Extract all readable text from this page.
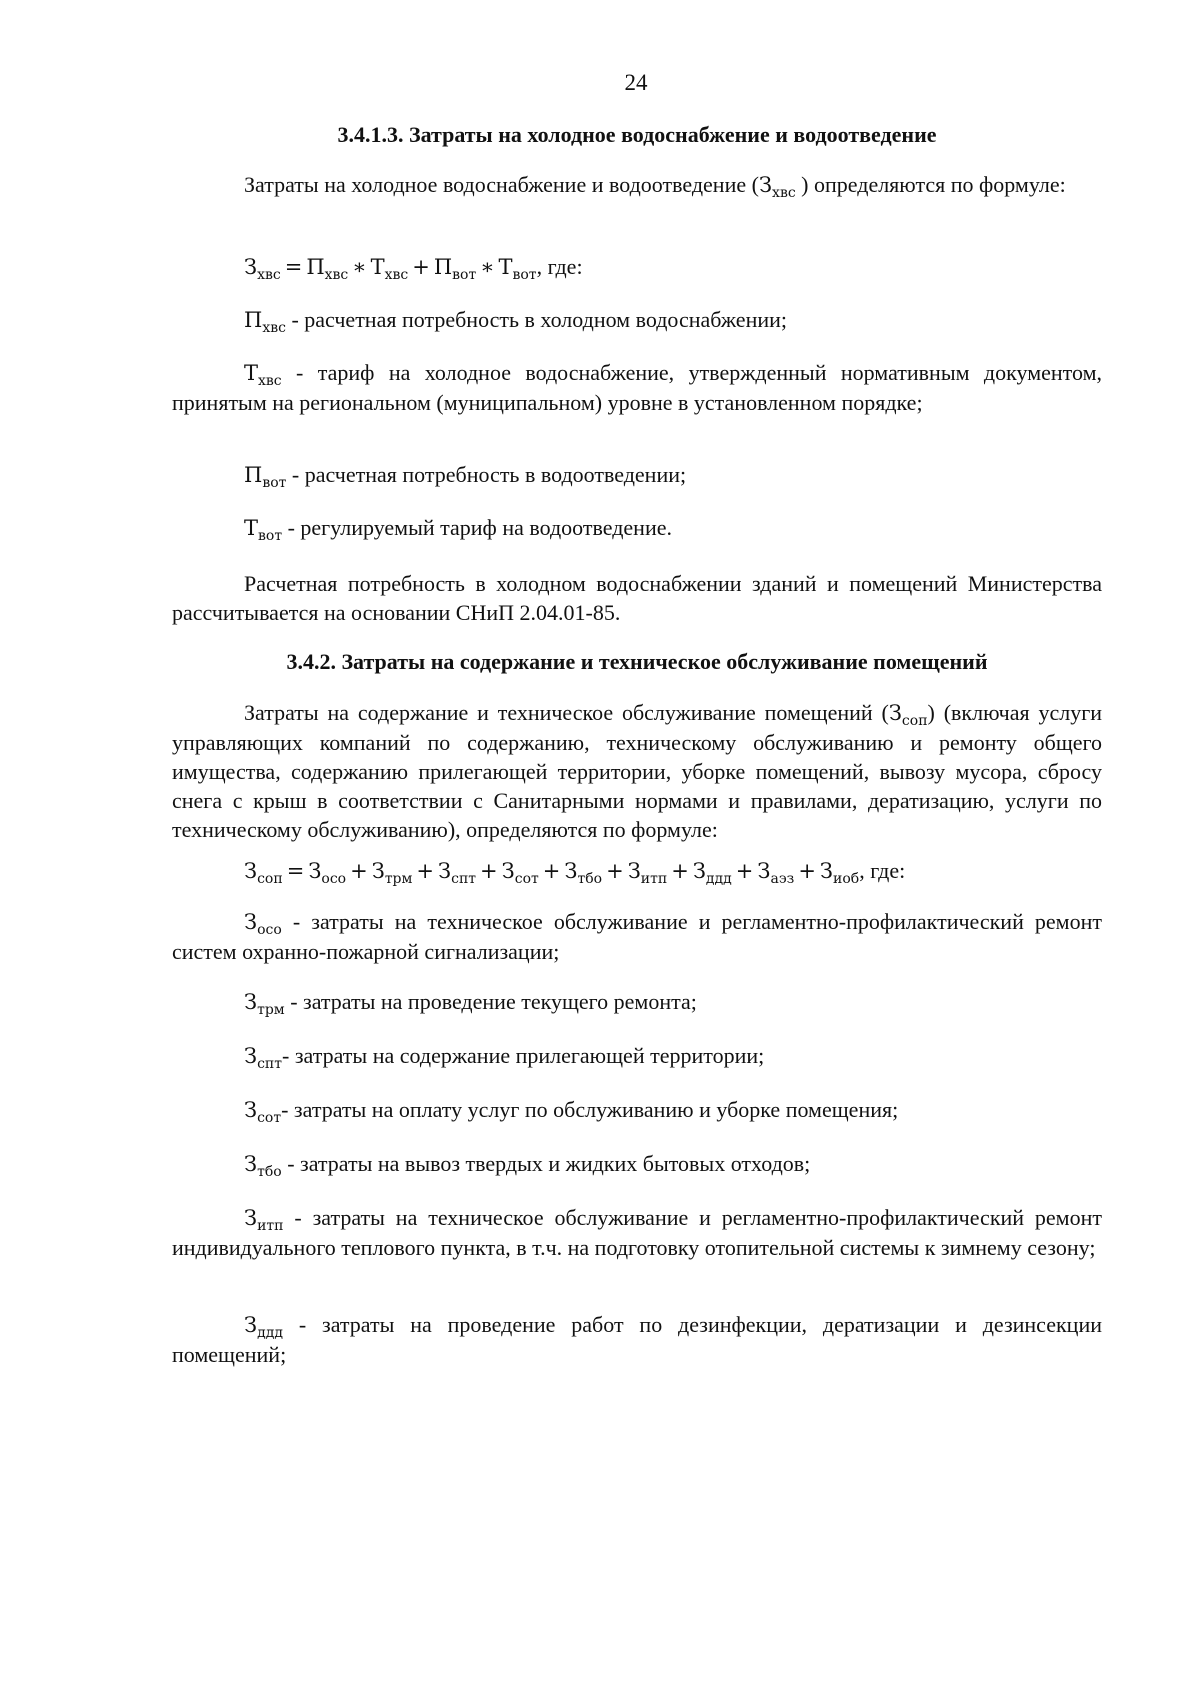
24
3.4.1.3. Затраты на холодное водоснабжение и водоотведение
Затраты на холодное водоснабжение и водоотведение ($З_{хвс}$ ) определяются по формуле:
$З_{хвс} = П_{хвс}$ ∗ $Т_{хвс} + П_{вот}$ ∗ $Т_{вот}$, где:
$П_{хвс}$ - расчетная потребность в холодном водоснабжении;
$Т_{хвс}$ - тариф на холодное водоснабжение, утвержденный нормативным документом, принятым на региональном (муниципальном) уровне в установленном порядке;
$П_{вот}$ - расчетная потребность в водоотведении;
$Т_{вот}$ - регулируемый тариф на водоотведение.
Расчетная потребность в холодном водоснабжении зданий и помещений Министерства рассчитывается на основании СНиП 2.04.01-85.
3.4.2. Затраты на содержание и техническое обслуживание помещений
Затраты на содержание и техническое обслуживание помещений $(З_{соп})$ (включая услуги управляющих компаний по содержанию, техническому обслуживанию и ремонту общего имущества, содержанию прилегающей территории, уборке помещений, вывозу мусора, сбросу снега с крыш в соответствии с Санитарными нормами и правилами, дератизацию, услуги по техническому обслуживанию), определяются по формуле:
$З_{соп} = З_{осо} + З_{трм} + З_{спт} + З_{сот} + З_{тбо} + З_{итп} + З_{ддд} + З_{аэз} + З_{иоб}$, где:
$З_{осо}$ - затраты на техническое обслуживание и регламентно-профилактический ремонт систем охранно-пожарной сигнализации;
$З_{трм}$ - затраты на проведение текущего ремонта;
$З_{спт}-$ затраты на содержание прилегающей территории;
$З_{сот}-$ затраты на оплату услуг по обслуживанию и уборке помещения;
$З_{тбо}$ - затраты на вывоз твердых и жидких бытовых отходов;
$З_{итп}$ - затраты на техническое обслуживание и регламентно-профилактический ремонт индивидуального теплового пункта, в т.ч. на подготовку отопительной системы к зимнему сезону;
$З_{ддд}$ - затраты на проведение работ по дезинфекции, дератизации и дезинсекции помещений;
